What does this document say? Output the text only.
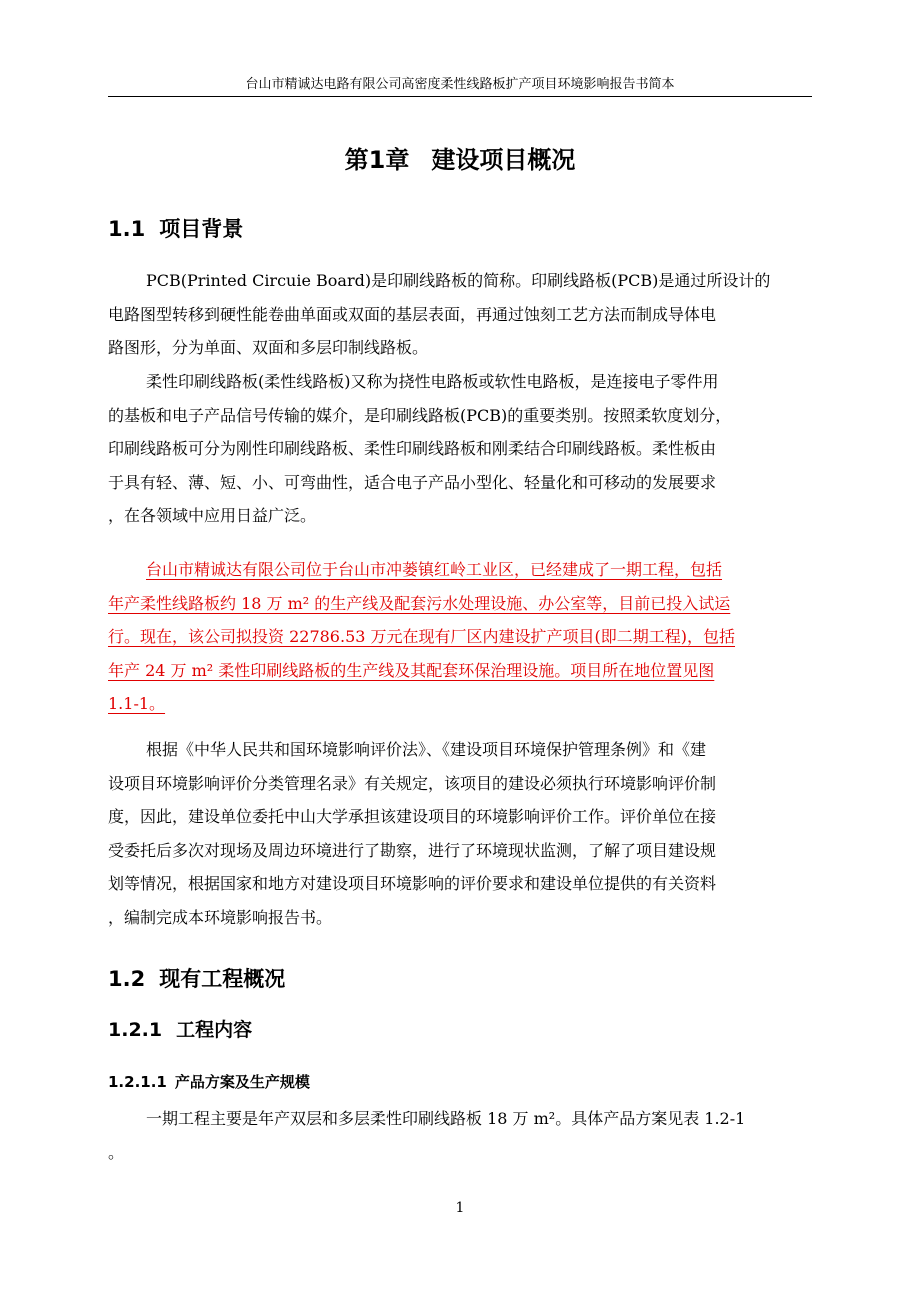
台山市精诚达电路有限公司高密度柔性线路板扩产项目环境影响报告书简本
第1章 建设项目概况
1.1 项目背景
PCB(Printed Circuie Board)是印刷线路板的简称。印刷线路板(PCB)是通过所设计的
电路图型转移到硬性能卷曲单面或双面的基层表面，再通过蚀刻工艺方法而制成导体电
路图形，分为单面、双面和多层印制线路板。
柔性印刷线路板(柔性线路板)又称为挠性电路板或软性电路板，是连接电子零件用
的基板和电子产品信号传输的媒介，是印刷线路板(PCB)的重要类别。按照柔软度划分，
印刷线路板可分为刚性印刷线路板、柔性印刷线路板和刚柔结合印刷线路板。柔性板由
于具有轻、薄、短、小、可弯曲性，适合电子产品小型化、轻量化和可移动的发展要求
，在各领域中应用日益广泛。
台山市精诚达有限公司位于台山市冲蒌镇红岭工业区，已经建成了一期工程，包括
年产柔性线路板约 18 万 m² 的生产线及配套污水处理设施、办公室等，目前已投入试运
行。现在，该公司拟投资 22786.53 万元在现有厂区内建设扩产项目(即二期工程)，包括
年产 24 万 m² 柔性印刷线路板的生产线及其配套环保治理设施。项目所在地位置见图
1.1-1。
根据《中华人民共和国环境影响评价法》、《建设项目环境保护管理条例》和《建
设项目环境影响评价分类管理名录》有关规定，该项目的建设必须执行环境影响评价制
度，因此，建设单位委托中山大学承担该建设项目的环境影响评价工作。评价单位在接
受委托后多次对现场及周边环境进行了勘察，进行了环境现状监测，了解了项目建设规
划等情况，根据国家和地方对建设项目环境影响的评价要求和建设单位提供的有关资料
，编制完成本环境影响报告书。
1.2 现有工程概况
1.2.1 工程内容
1.2.1.1 产品方案及生产规模
一期工程主要是年产双层和多层柔性印刷线路板 18 万 m²。具体产品方案见表 1.2-1
。
1
